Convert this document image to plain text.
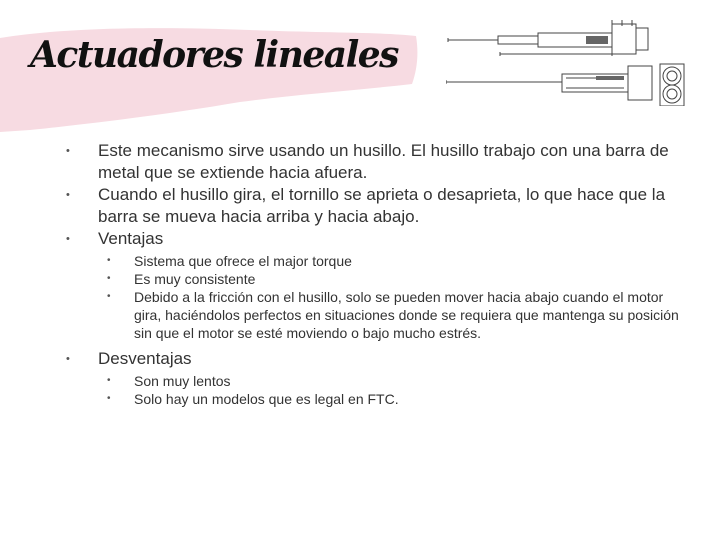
Actuadores lineales
• Este mecanismo sirve usando un husillo. El husillo trabajo con una barra de metal que se extiende hacia afuera.
• Cuando el husillo gira, el tornillo se aprieta o desaprieta, lo que hace que la barra se mueva hacia arriba y hacia abajo.
• Ventajas
•	Sistema que ofrece el major torque
•	Es muy consistente
•	Debido a la fricción con el husillo, solo se pueden mover hacia abajo cuando el motor gira, haciéndolos perfectos en situaciones donde se requiera que mantenga su posición sin que el motor se esté moviendo o bajo mucho estrés.
• Desventajas
•	Son muy lentos
•	Solo hay un modelos que es legal en FTC.
